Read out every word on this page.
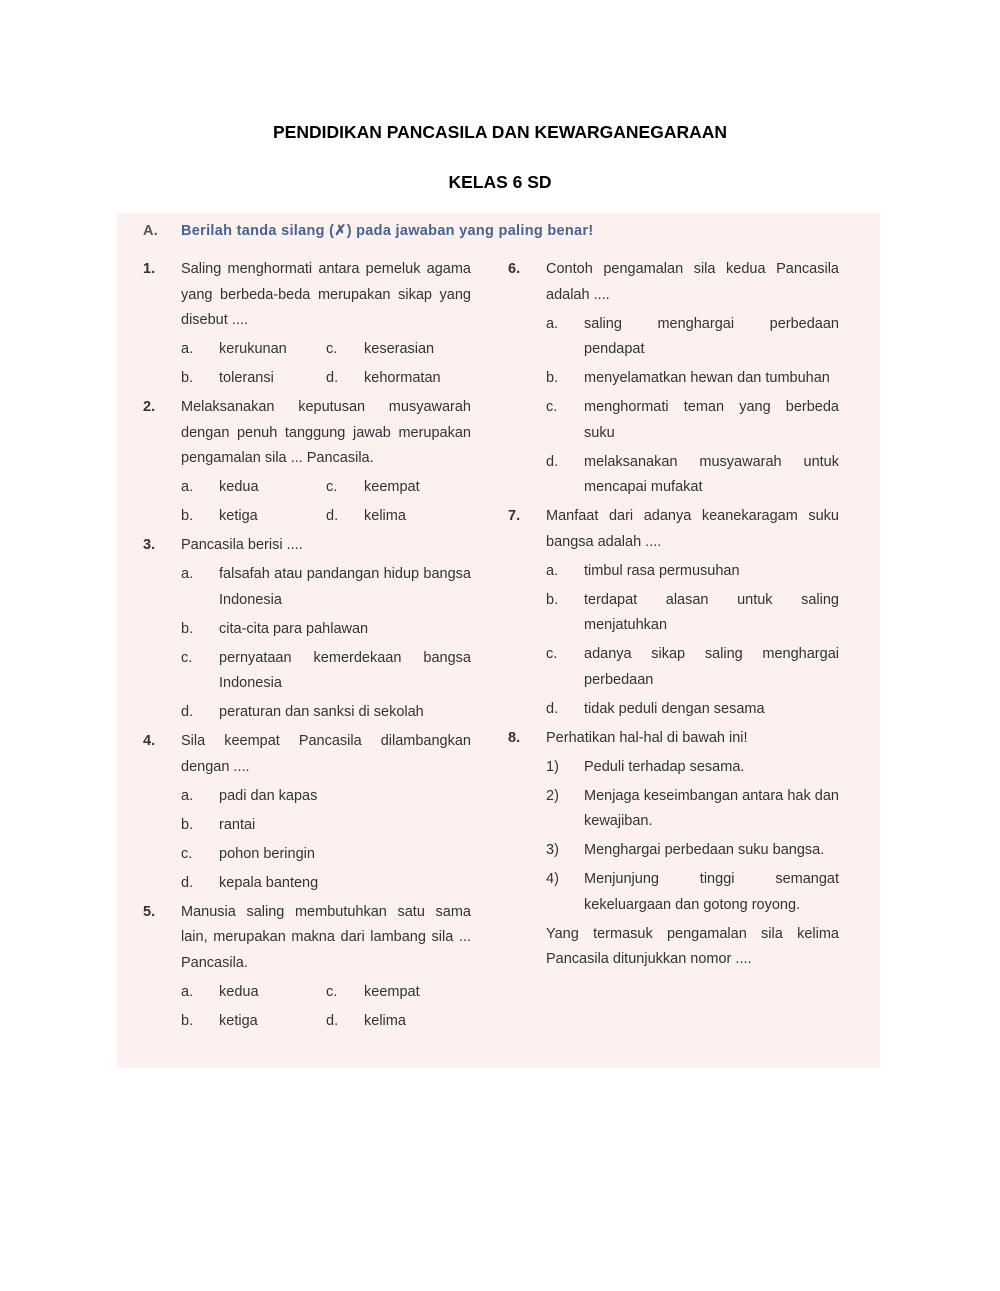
PENDIDIKAN PANCASILA DAN KEWARGANEGARAAN
KELAS 6 SD
A. Berilah tanda silang (✗) pada jawaban yang paling benar!
1.	Saling menghormati antara pemeluk agama yang berbeda-beda merupakan sikap yang disebut ....
a.	kerukunan	c.	keserasian
b.	toleransi	d.	kehormatan
2.	Melaksanakan keputusan musyawarah dengan penuh tanggung jawab merupakan pengamalan sila ... Pancasila.
a.	kedua	c.	keempat
b.	ketiga	d.	kelima
3.	Pancasila berisi ....
a.	falsafah atau pandangan hidup bangsa Indonesia
b.	cita-cita para pahlawan
c.	pernyataan kemerdekaan bangsa Indonesia
d.	peraturan dan sanksi di sekolah
4.	Sila keempat Pancasila dilambangkan dengan ....
a.	padi dan kapas
b.	rantai
c.	pohon beringin
d.	kepala banteng
5.	Manusia saling membutuhkan satu sama lain, merupakan makna dari lambang sila ... Pancasila.
a.	kedua	c.	keempat
b.	ketiga	d.	kelima
6.	Contoh pengamalan sila kedua Pancasila adalah ....
a.	saling menghargai perbedaan pendapat
b.	menyelamatkan hewan dan tumbuhan
c.	menghormati teman yang berbeda suku
d.	melaksanakan musyawarah untuk mencapai mufakat
7.	Manfaat dari adanya keanekaragam suku bangsa adalah ....
a.	timbul rasa permusuhan
b.	terdapat alasan untuk saling menjatuhkan
c.	adanya sikap saling menghargai perbedaan
d.	tidak peduli dengan sesama
8.	Perhatikan hal-hal di bawah ini!
1)	Peduli terhadap sesama.
2)	Menjaga keseimbangan antara hak dan kewajiban.
3)	Menghargai perbedaan suku bangsa.
4)	Menjunjung tinggi semangat kekeluargaan dan gotong royong.
Yang termasuk pengamalan sila kelima Pancasila ditunjukkan nomor ....
